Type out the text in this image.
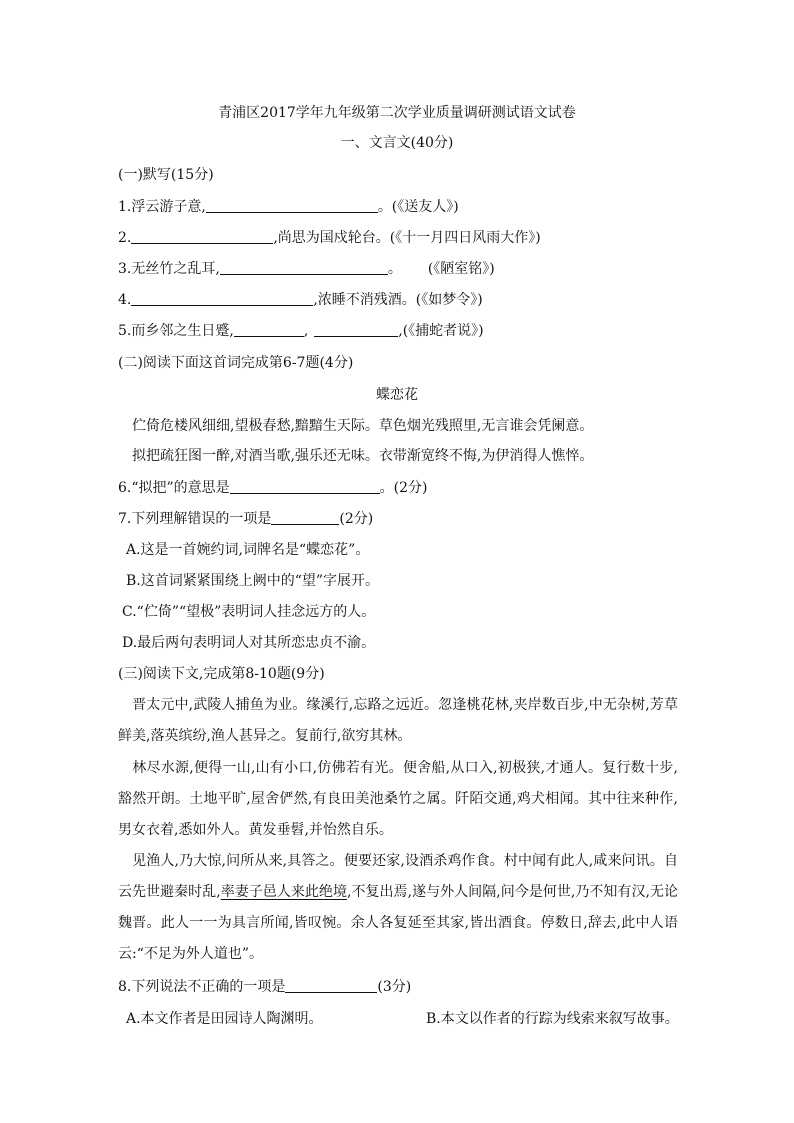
青浦区2017学年九年级第二次学业质量调研测试语文试卷
一、文言文(40分)
(一)默写(15分)
1.浮云游子意,	。(《送友人》)
2.	,尚思为国戍轮台。(《十一月四日风雨大作》)
3.无丝竹之乱耳,	。 (《陋室铭》)
4.	,浓睡不消残酒。(《如梦令》)
5.而乡邻之生日蹙,	,	,(《捕蛇者说》)
(二)阅读下面这首词完成第6-7题(4分)
蝶恋花
伫倚危楼风细细,望极春愁,黯黯生天际。草色烟光残照里,无言谁会凭阑意。
拟把疏狂图一醉,对酒当歌,强乐还无味。衣带渐宽终不悔,为伊消得人憔悴。
6.“拟把”的意思是	。(2分)
7.下列理解错误的一项是	(2分)
A.这是一首婉约词,词牌名是“蝶恋花”。
B.这首词紧紧围绕上阙中的“望”字展开。
C.“伫倚”“望极”表明词人挂念远方的人。
D.最后两句表明词人对其所恋忠贞不渝。
(三)阅读下文,完成第8-10题(9分)
晋太元中,武陵人捕鱼为业。缘溪行,忘路之远近。忽逢桃花林,夹岸数百步,中无杂树,芳草鲜美,落英缤纷,渔人甚异之。复前行,欲穷其林。
林尽水源,便得一山,山有小口,仿佛若有光。便舍船,从口入,初极狭,才通人。复行数十步,豁然开朗。土地平旷,屋舍俨然,有良田美池桑竹之属。阡陌交通,鸡犬相闻。其中往来种作,男女衣着,悉如外人。黄发垂髫,并怡然自乐。
见渔人,乃大惊,问所从来,具答之。便要还家,设酒杀鸡作食。村中闻有此人,咸来问讯。自云先世避秦时乱,率妻子邑人来此绝境,不复出焉,遂与外人间隔,问今是何世,乃不知有汉,无论魏晋。此人一一为具言所闻,皆叹惋。余人各复延至其家,皆出酒食。停数日,辞去,此中人语云:“不足为外人道也”。
8.下列说法不正确的一项是	(3分)
A.本文作者是田园诗人陶渊明。	B.本文以作者的行踪为线索来叙写故事。
